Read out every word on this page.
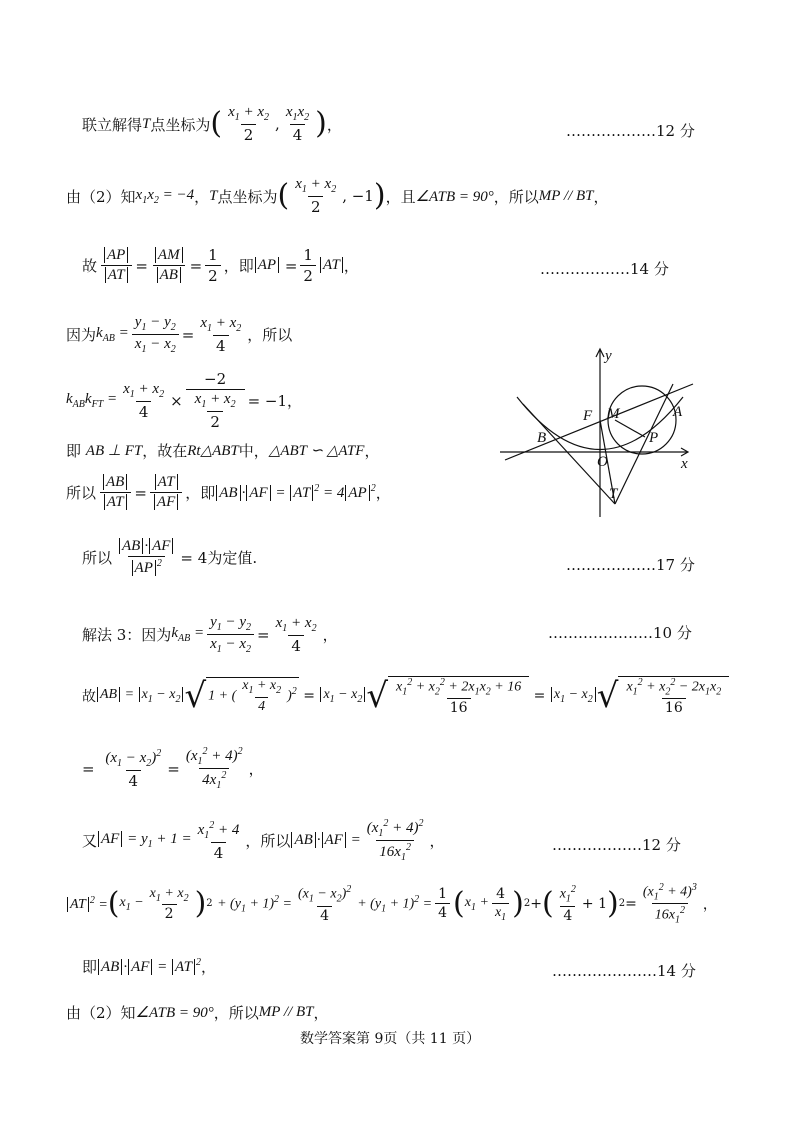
联立解得 T 点坐标为 ( $\frac{x_1 + x_2}{2}$ , $\frac{x_1x_2}{4}$ ) ，	………………12 分
由（2）知 $x_1x_2 = -4$ ， T 点坐标为 ( $\frac{x_1 + x_2}{2}$ , −1 ) ，且 ∠ATB = 90° ，所以 MP // BT ，
故 $\frac{AP}{AT} = \frac{AM}{AB} = \frac{1}{2}$ ，即 AP = $\frac{1}{2}$ AT ，	………………14 分
因为 $k_{AB} = \frac{y_1 - y_2}{x_1 - x_2} = \frac{x_1 + x_2}{4}$ ，所以
$k_{AB}k_{FT} = \frac{x_1 + x_2}{4} \times \frac{-2}{\frac{x_1 + x_2}{2}} = -1$，
即
AB ⊥ FT ，故在 Rt△ABT 中， △ABT ∽ △ATF ，
所以 $\frac{AB}{AT} = \frac{AT}{AF}$ ，即 AB · AF = AT $^2$ = 4 AP $^2$ ，
所以 $\frac{AB \cdot AF}{AP ^2} = 4$ 为定值.	………………17 分
解法 3：因为 $k_{AB} = \frac{y_1 - y_2}{x_1 - x_2} = \frac{x_1 + x_2}{4}$ ，	…………………10 分
故 AB = $x_1 - x_2$ √ 1 + ( $\frac{x_1 + x_2}{4} )^2 = x_1 - x_2$ √ $\frac{x_1^2 + x_2^2 + 2x_1x_2 + 16}{16} = x_1 - x_2$ √ $\frac{x_1^2 + x_2^2 - 2x_1x_2}{16}$
= $\frac{(x_1 - x_2)^2}{4} = \frac{(x_1^2 + 4)^2}{4x_1^2}$ ，
又 AF = $y_1 + 1 = \frac{x_1^2 + 4}{4}$ ，所以 AB · AF = $\frac{(x_1^2 + 4)^2}{16x_1^2}$ ，	………………12 分
AT $^2$ = ( $x_1 - \frac{x_1 + x_2}{2}$ ) 2
+ $(y_1 + 1)^2 = \frac{(x_1 - x_2)^2}{4} + (y_1 + 1)^2 = \frac{1}{4}$ ( $x_1 + \frac{4}{x_1}$ ) 2 + ( $\frac{x_1^2}{4} + 1$ ) $2 = \frac{(x_1^2 + 4)^3}{16x_1^2}$ ，
即 AB · AF = AT $^2$ ，	…………………14 分
由（2）知 ∠ATB = 90° ，所以 MP // BT ，
数学答案第 9页（共 11 页）
y
x
A
B
F M
P
O
T
